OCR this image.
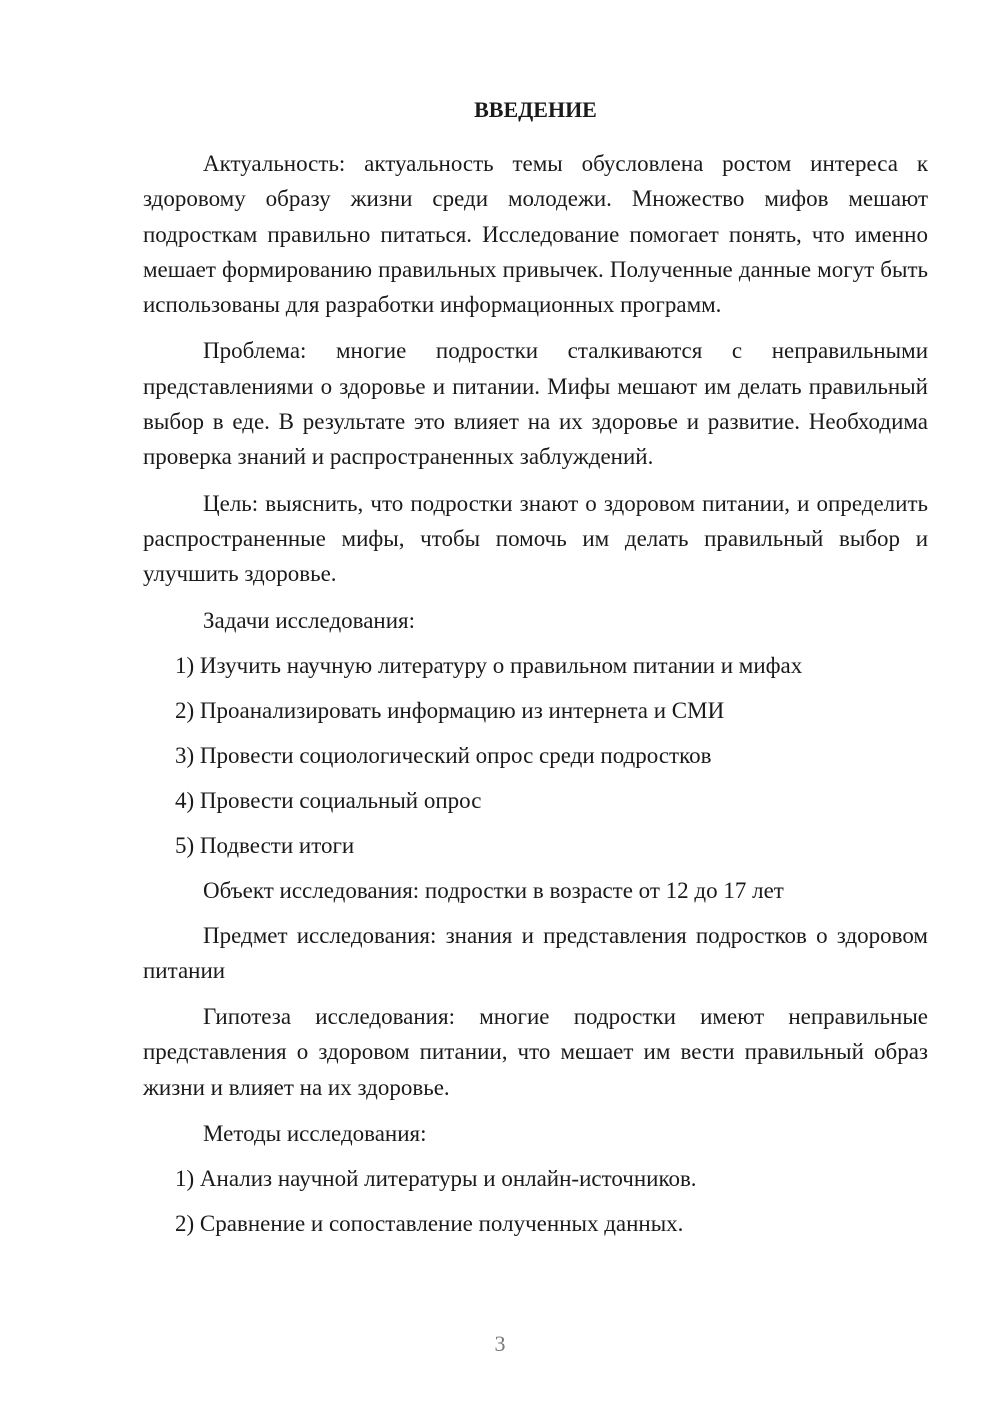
ВВЕДЕНИЕ

Актуальность: актуальность темы обусловлена ростом интереса к здоровому образу жизни среди молодежи. Множество мифов мешают подросткам правильно питаться. Исследование помогает понять, что именно мешает формированию правильных привычек. Полученные данные могут быть использованы для разработки информационных программ.

Проблема: многие подростки сталкиваются с неправильными представлениями о здоровье и питании. Мифы мешают им делать правильный выбор в еде. В результате это влияет на их здоровье и развитие. Необходима проверка знаний и распространенных заблуждений.

Цель: выяснить, что подростки знают о здоровом питании, и определить распространенные мифы, чтобы помочь им делать правильный выбор и улучшить здоровье.

Задачи исследования:

1) Изучить научную литературу о правильном питании и мифах
2) Проанализировать информацию из интернета и СМИ
3) Провести социологический опрос среди подростков
4) Провести социальный опрос
5) Подвести итоги

Объект исследования: подростки в возрасте от 12 до 17 лет

Предмет исследования: знания и представления подростков о здоровом питании

Гипотеза исследования: многие подростки имеют неправильные представления о здоровом питании, что мешает им вести правильный образ жизни и влияет на их здоровье.

Методы исследования:

1) Анализ научной литературы и онлайн-источников.
2) Сравнение и сопоставление полученных данных.
3
